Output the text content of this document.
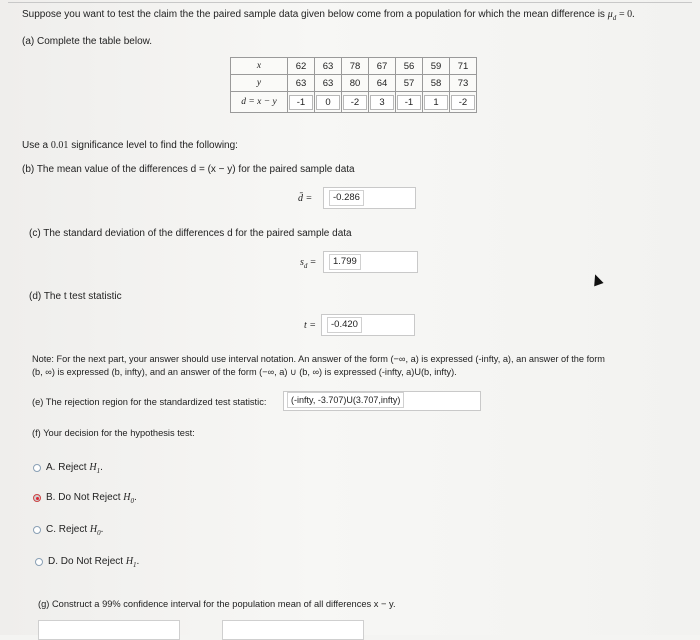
Suppose you want to test the claim the the paired sample data given below come from a population for which the mean difference is $\mu_d = 0$.
(a) Complete the table below.
x	62	63	78	67	56	59	71
y	63	63	80	64	57	58	73
d = x − y	-1	0	-2	3	-1	1	-2
Use a 0.01 significance level to find the following:
(b) The mean value of the differences d = (x − y) for the paired sample data
d̄ =	-0.286
(c) The standard deviation of the differences d for the paired sample data
$s_d$ =	1.799
(d) The t test statistic
t =	-0.420
Note: For the next part, your answer should use interval notation. An answer of the form (−∞, a) is expressed (-infty, a), an answer of the form
(b, ∞) is expressed (b, infty), and an answer of the form (−∞, a) ∪ (b, ∞) is expressed (-infty, a)U(b, infty).
(e) The rejection region for the standardized test statistic:	(-infty, -3.707)U(3.707,infty)
(f) Your decision for the hypothesis test:
A. Reject $H_1$.
B. Do Not Reject $H_0$.
C. Reject $H_0$.
D. Do Not Reject $H_1$.
(g) Construct a 99% confidence interval for the population mean of all differences x − y.
